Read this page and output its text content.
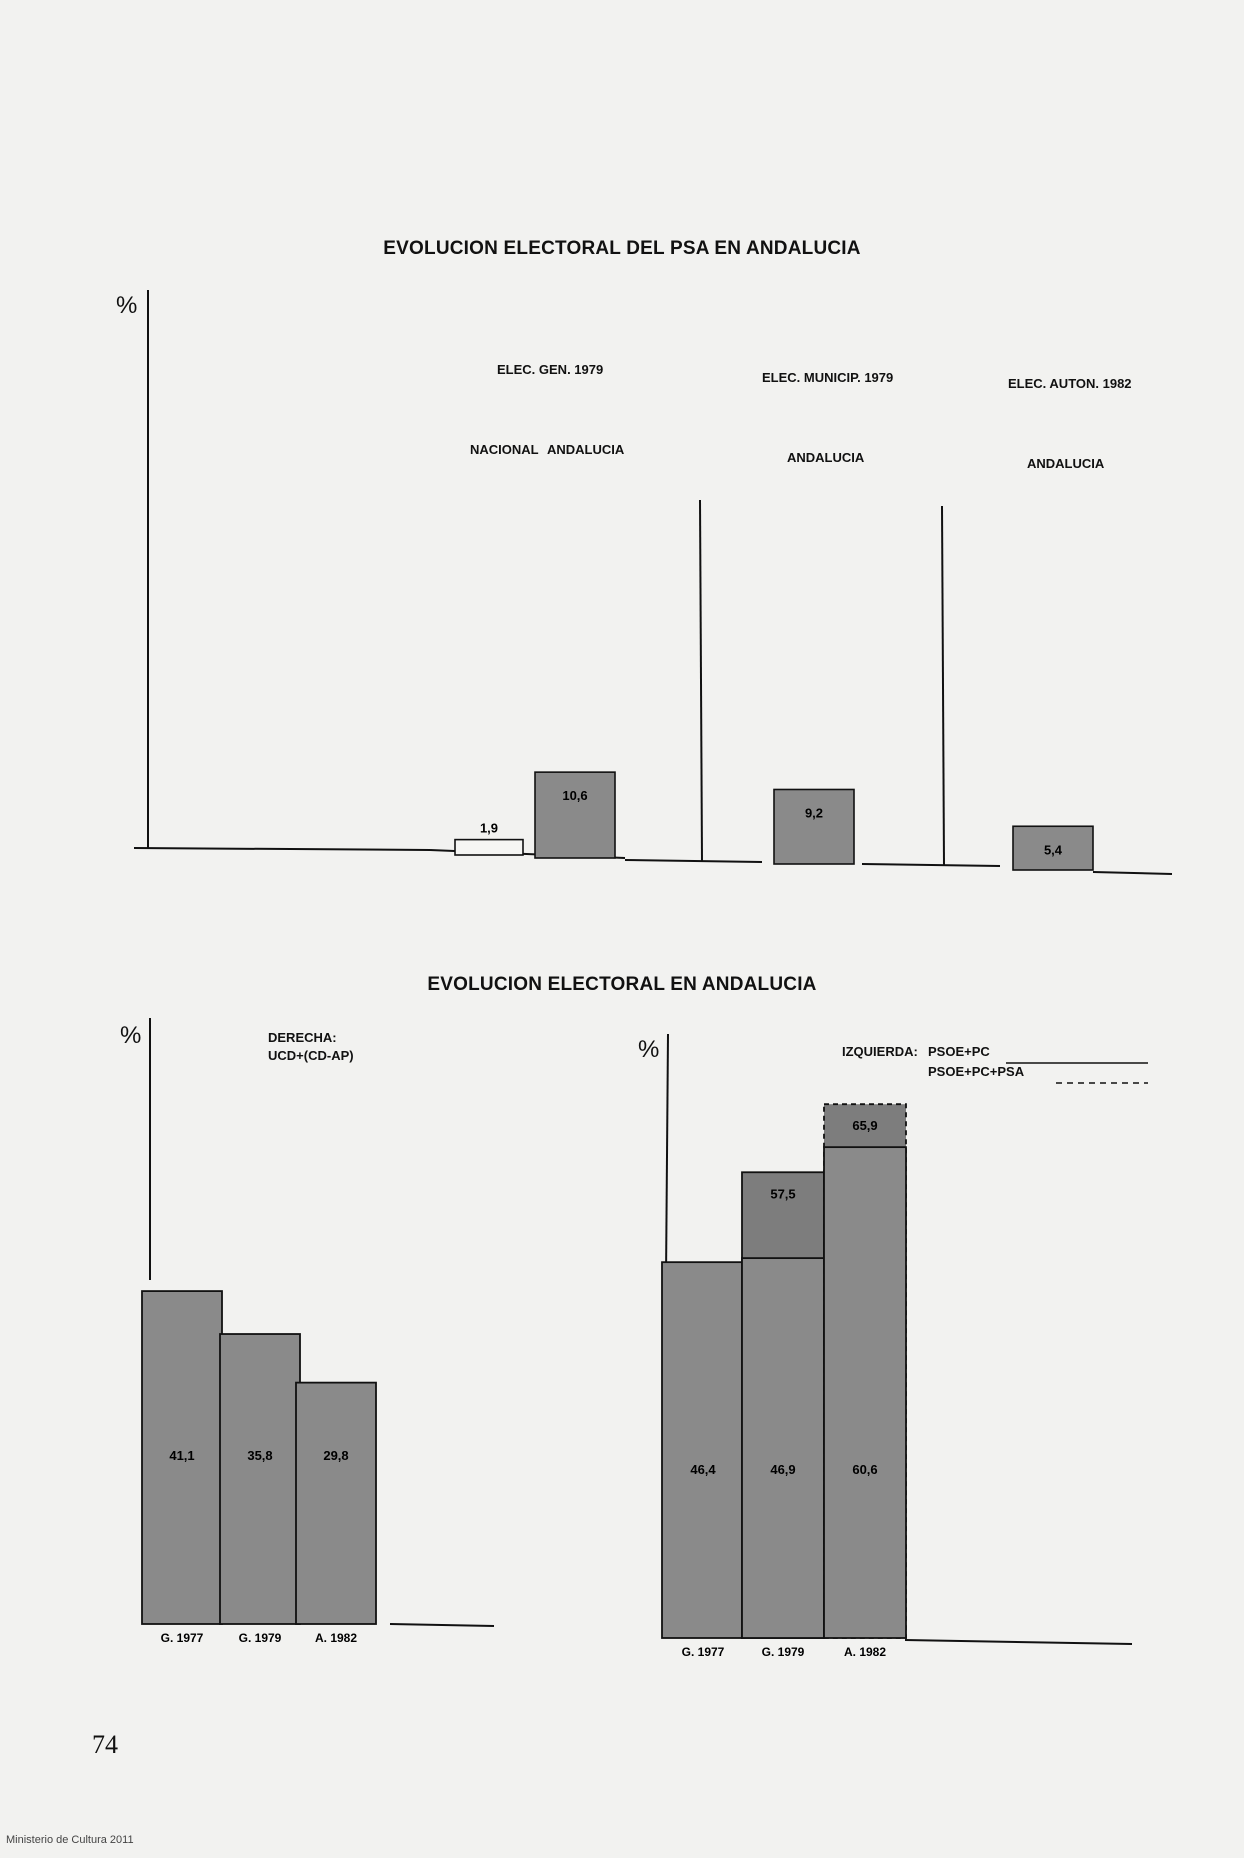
EVOLUCION ELECTORAL DEL PSA EN ANDALUCIA
%
ELEC. GEN. 1979
NACIONAL ANDALUCIA
ELEC. MUNICIP. 1979
ANDALUCIA
ELEC. AUTON. 1982
ANDALUCIA
1,9
10,6
9,2
5,4
EVOLUCION ELECTORAL EN ANDALUCIA
%	DERECHA:
UCD+(CD-AP)	%	IZQUIERDA: PSOE+PC
PSOE+PC+PSA
41,1	35,8	29,8
G. 1977	G. 1979	A. 1982
46,4	46,9	60,6
57,5
65,9
G. 1977	G. 1979	A. 1982
74
Ministerio de Cultura 2011
